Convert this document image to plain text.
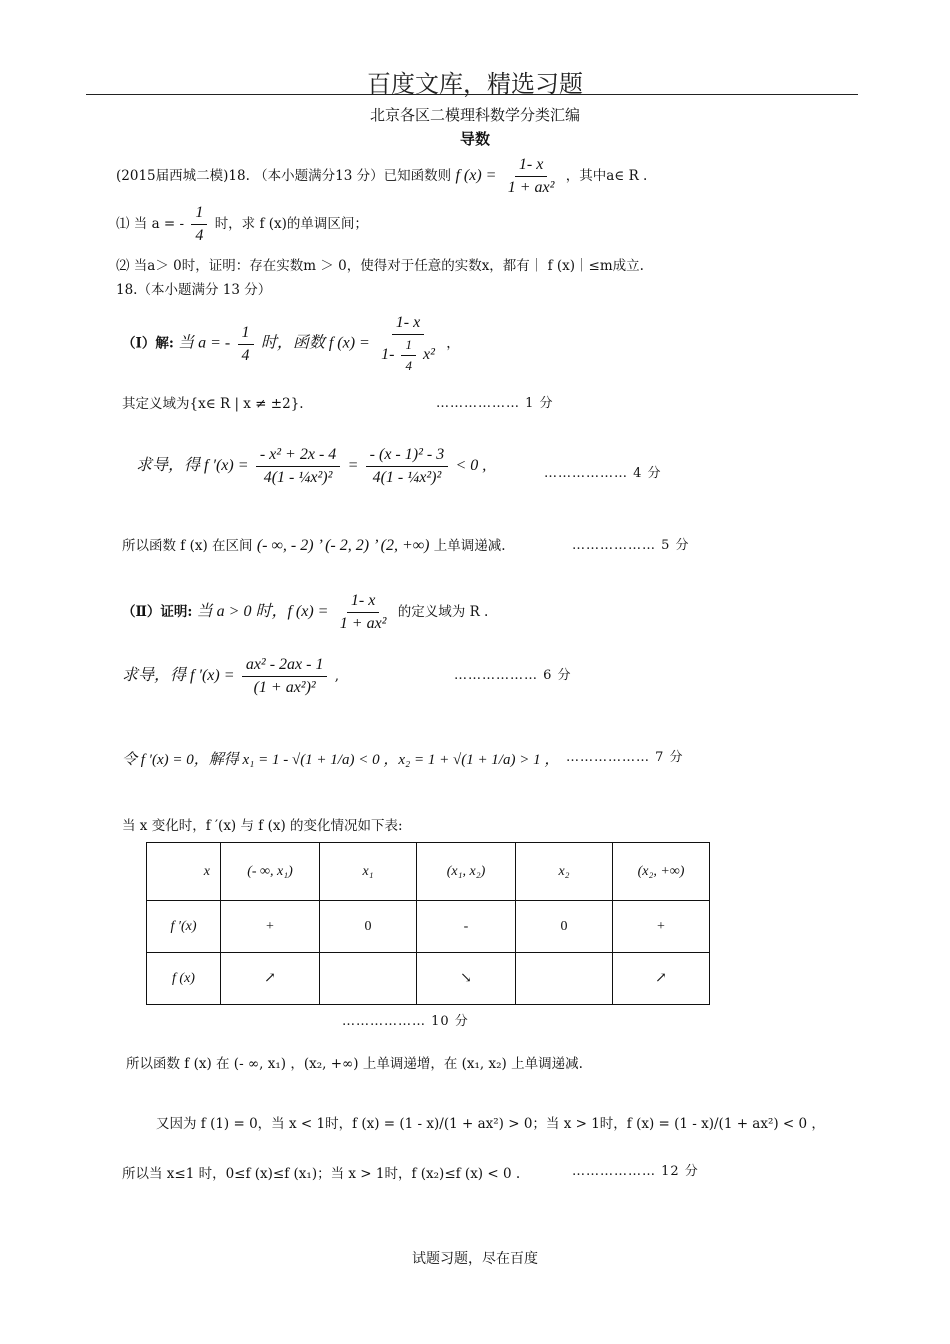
百度文库，精选习题
北京各区二模理科数学分类汇编
导数
(2015届西城二模)18. （本小题满分13 分）已知函数则 f $(x) = \frac{1- x}{\text{1 + ax²}}$ ，其中a∈ R .
⑴ 当 a = - $\frac{1}{4}$ 时，求 f (x)的单调区间；
⑵ 当a＞ 0时，证明：存在实数m ＞ 0，使得对于任意的实数x，都有｜ f (x)｜≤m成立.
18.（本小题满分 13 分）
（Ⅰ）解: 当 a = - $\frac{1}{4}$ 时，函数 f $(x) = \frac{1- x}{1- \frac{1}{4} x^2}$ ，
其定义域为{x∈ R | x ≠ ±2}.	……………… 1 分
求导，得 f $'(x) = \frac{\text{- x² + 2x - 4}}{\text{4(1 - ¼x²)²}} = \frac{\text{- (x - 1)² - 3}}{\text{4(1 - ¼x²)²}} < 0$ ,	……………… 4 分
所以函数 f (x) 在区间 (- ∞, - 2) ’ (- 2, 2) ’ (2, +∞) 上单调递减.	……………… 5 分
（Ⅱ）证明: 当 a > 0 时，f $(x) = \frac{1- x}{\text{1 + ax²}}$ 的定义域为 R .
求导，得 f $'(x) = \frac{\text{ax² - 2ax - 1}}{\text{(1 + ax²)²}}$ ,	……………… 6 分
令 f ′(x) = 0，解得 x₁ = 1 - √(1 + 1/a) < 0 ，x₂ = 1 + √(1 + 1/a) > 1 ， ……………… 7 分
当 x 变化时，f ′(x) 与 f (x) 的变化情况如下表:
x	(- ∞, x₁)	x₁	(x₁, x₂)	x₂	(x₂, +∞)
f ′(x)	+	0	-	0	+
f (x)	↗		↘		↗
……………… 10 分
所以函数 f (x) 在 (- ∞, x₁) ，(x₂, +∞) 上单调递增，在 (x₁, x₂) 上单调递减.
又因为 f (1) = 0，当 x < 1时，f (x) = (1 - x)/(1 + ax²) > 0；当 x > 1时，f (x) = (1 - x)/(1 + ax²) < 0 ，
所以当 x≤1 时，0≤f (x)≤f (x₁)；当 x > 1时，f (x₂)≤f (x) < 0 .	……………… 12 分
试题习题，尽在百度
